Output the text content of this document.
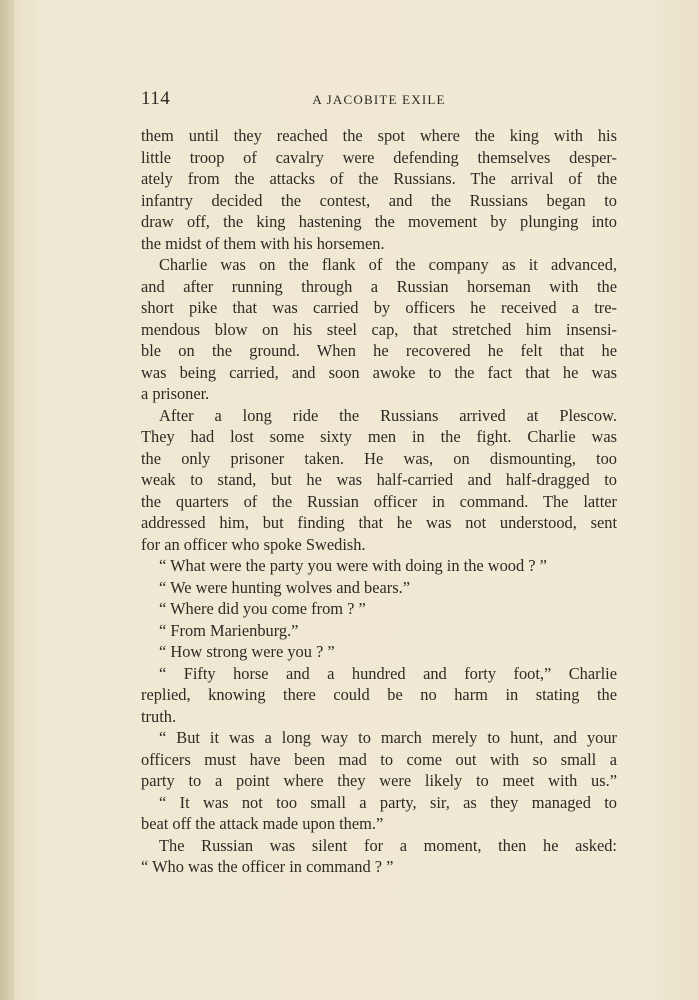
114	A JACOBITE EXILE
them until they reached the spot where the king with his
little troop of cavalry were defending themselves desper-
ately from the attacks of the Russians. The arrival of the
infantry decided the contest, and the Russians began to
draw off, the king hastening the movement by plunging into
the midst of them with his horsemen.
Charlie was on the flank of the company as it advanced,
and after running through a Russian horseman with the
short pike that was carried by officers he received a tre-
mendous blow on his steel cap, that stretched him insensi-
ble on the ground. When he recovered he felt that he
was being carried, and soon awoke to the fact that he was
a prisoner.
After a long ride the Russians arrived at Plescow.
They had lost some sixty men in the fight. Charlie was
the only prisoner taken. He was, on dismounting, too
weak to stand, but he was half-carried and half-dragged to
the quarters of the Russian officer in command. The latter
addressed him, but finding that he was not understood, sent
for an officer who spoke Swedish.
“ What were the party you were with doing in the wood ? ”
“ We were hunting wolves and bears.”
“ Where did you come from ? ”
“ From Marienburg.”
“ How strong were you ? ”
“ Fifty horse and a hundred and forty foot,” Charlie
replied, knowing there could be no harm in stating the
truth.
“ But it was a long way to march merely to hunt, and your
officers must have been mad to come out with so small a
party to a point where they were likely to meet with us.”
“ It was not too small a party, sir, as they managed to
beat off the attack made upon them.”
The Russian was silent for a moment, then he asked:
“ Who was the officer in command ? ”
